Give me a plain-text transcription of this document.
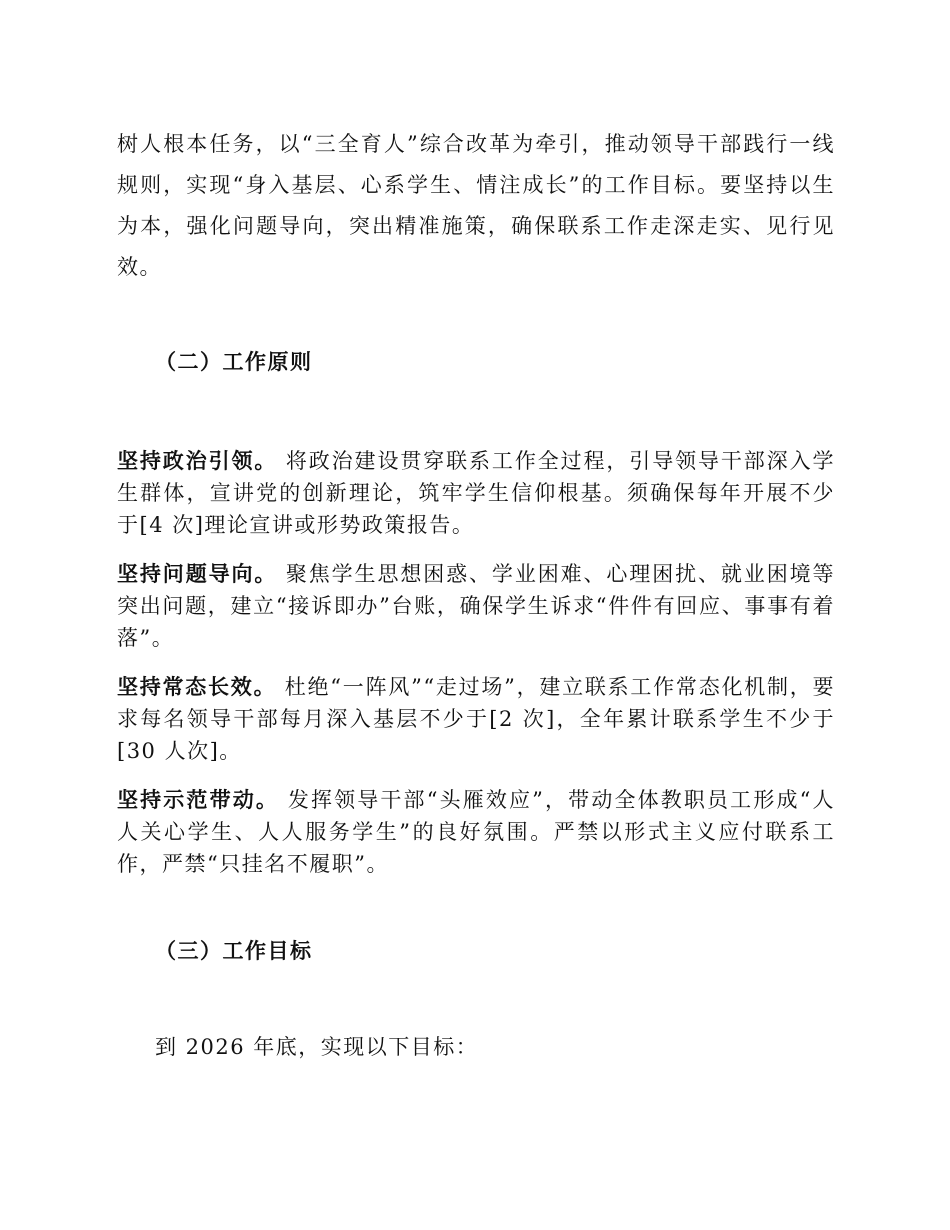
树人根本任务，以“三全育人”综合改革为牵引，推动领导干部践行一线规则，实现“身入基层、心系学生、情注成长”的工作目标。要坚持以生为本，强化问题导向，突出精准施策，确保联系工作走深走实、见行见效。

（二）工作原则

坚持政治引领。 将政治建设贯穿联系工作全过程，引导领导干部深入学生群体，宣讲党的创新理论，筑牢学生信仰根基。须确保每年开展不少于[4 次]理论宣讲或形势政策报告。

坚持问题导向。 聚焦学生思想困惑、学业困难、心理困扰、就业困境等突出问题，建立“接诉即办”台账，确保学生诉求“件件有回应、事事有着落”。

坚持常态长效。 杜绝“一阵风”“走过场”，建立联系工作常态化机制，要求每名领导干部每月深入基层不少于[2 次]，全年累计联系学生不少于[30 人次]。

坚持示范带动。 发挥领导干部“头雁效应”，带动全体教职员工形成“人人关心学生、人人服务学生”的良好氛围。严禁以形式主义应付联系工作，严禁“只挂名不履职”。

（三）工作目标

到 2026 年底，实现以下目标：
